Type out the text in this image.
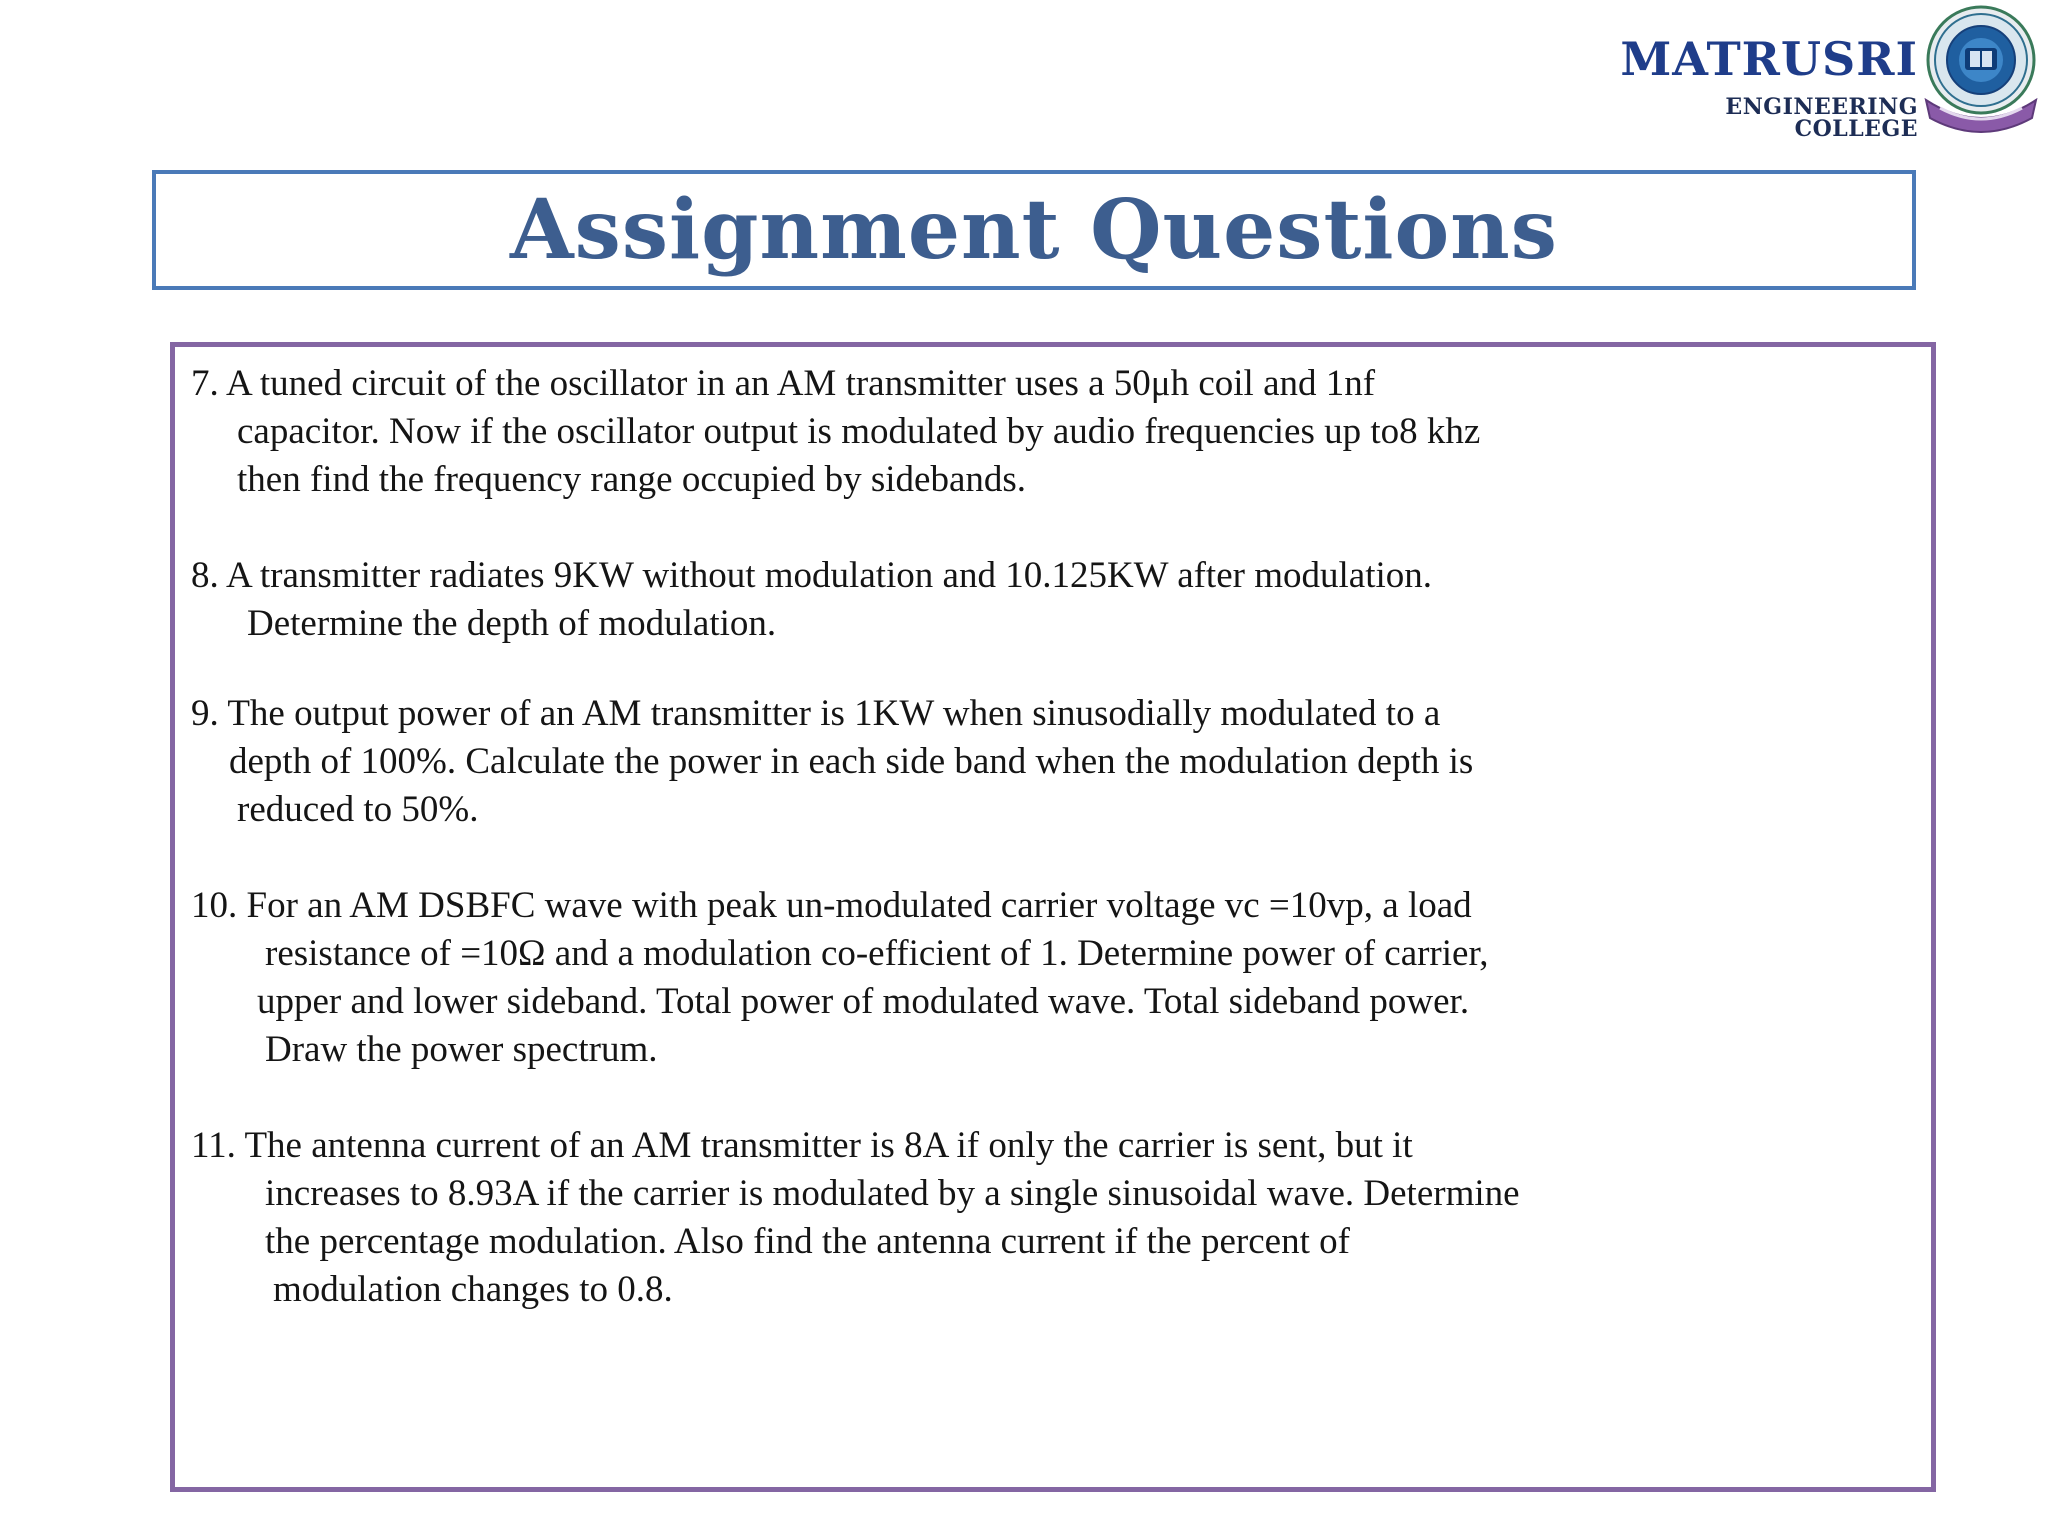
MATRUSRI
ENGINEERING COLLEGE
Assignment Questions
7. A tuned circuit of the oscillator in an AM transmitter uses a 50μh coil and 1nf
capacitor. Now if the oscillator output is modulated by audio frequencies up to8 khz
then find the frequency range occupied by sidebands.
8. A transmitter radiates 9KW without modulation and 10.125KW after modulation.
Determine the depth of modulation.
9. The output power of an AM transmitter is 1KW when sinusodially modulated to a
depth of 100%. Calculate the power in each side band when the modulation depth is
reduced to 50%.
10. For an AM DSBFC wave with peak un-modulated carrier voltage vc =10vp, a load
resistance of =10Ω and a modulation co-efficient of 1. Determine power of carrier,
upper and lower sideband. Total power of modulated wave. Total sideband power.
Draw the power spectrum.
11. The antenna current of an AM transmitter is 8A if only the carrier is sent, but it
increases to 8.93A if the carrier is modulated by a single sinusoidal wave. Determine
the percentage modulation. Also find the antenna current if the percent of
modulation changes to 0.8.
